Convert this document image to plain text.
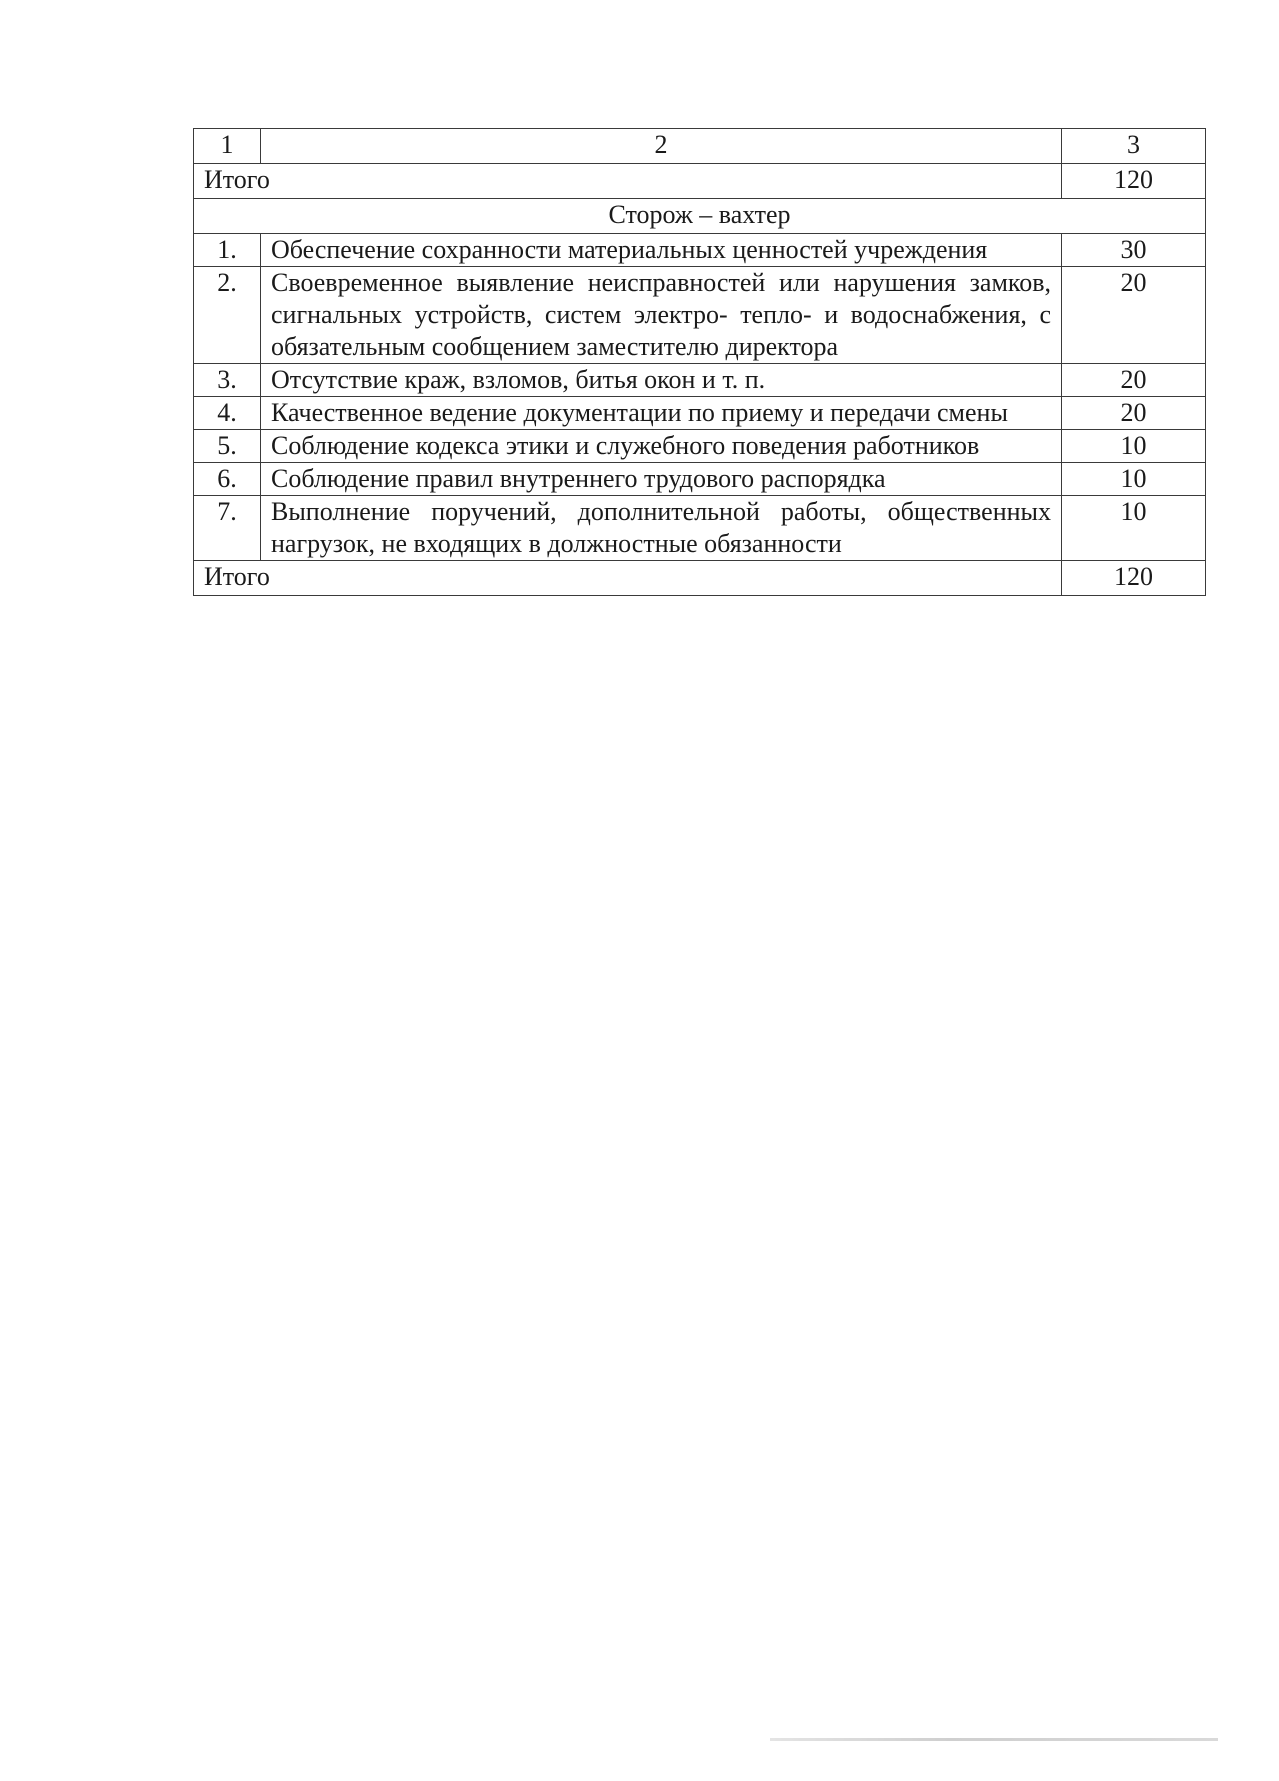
1	2	3
Итого		120
Сторож – вахтер		
1.	Обеспечение сохранности материальных ценностей учреждения	30
2.	Своевременное выявление неисправностей или нарушения замков, сигнальных устройств, систем электро- тепло- и водоснабжения, с обязательным сообщением заместителю директора	20
3.	Отсутствие краж, взломов, битья окон и т. п.	20
4.	Качественное ведение документации по приему и передачи смены	20
5.	Соблюдение кодекса этики и служебного поведения работников	10
6.	Соблюдение правил внутреннего трудового распорядка	10
7.	Выполнение поручений, дополнительной работы, общественных нагрузок, не входящих в должностные обязанности	10
Итого		120
